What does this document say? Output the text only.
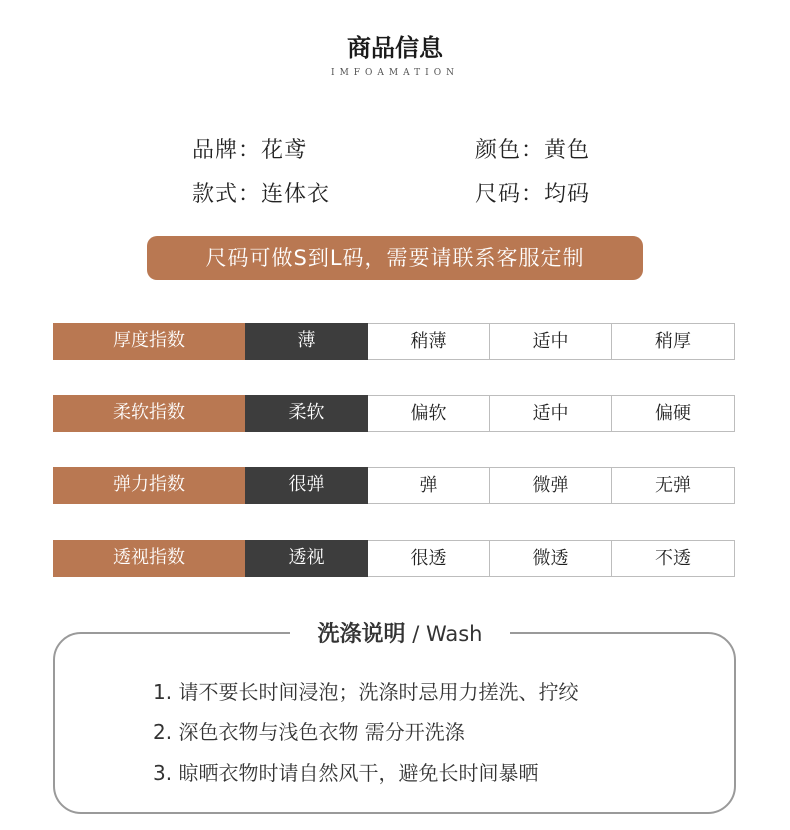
商品信息
IMFOAMATION
品牌：花鸢	颜色：黄色
款式：连体衣	尺码：均码
尺码可做S到L码，需要请联系客服定制
厚度指数	薄	稍薄	适中	稍厚
柔软指数	柔软	偏软	适中	偏硬
弹力指数	很弹	弹	微弹	无弹
透视指数	透视	很透	微透	不透
洗涤说明 / Wash
1. 请不要长时间浸泡；洗涤时忌用力搓洗、拧绞
2. 深色衣物与浅色衣物 需分开洗涤
3. 晾晒衣物时请自然风干，避免长时间暴晒
